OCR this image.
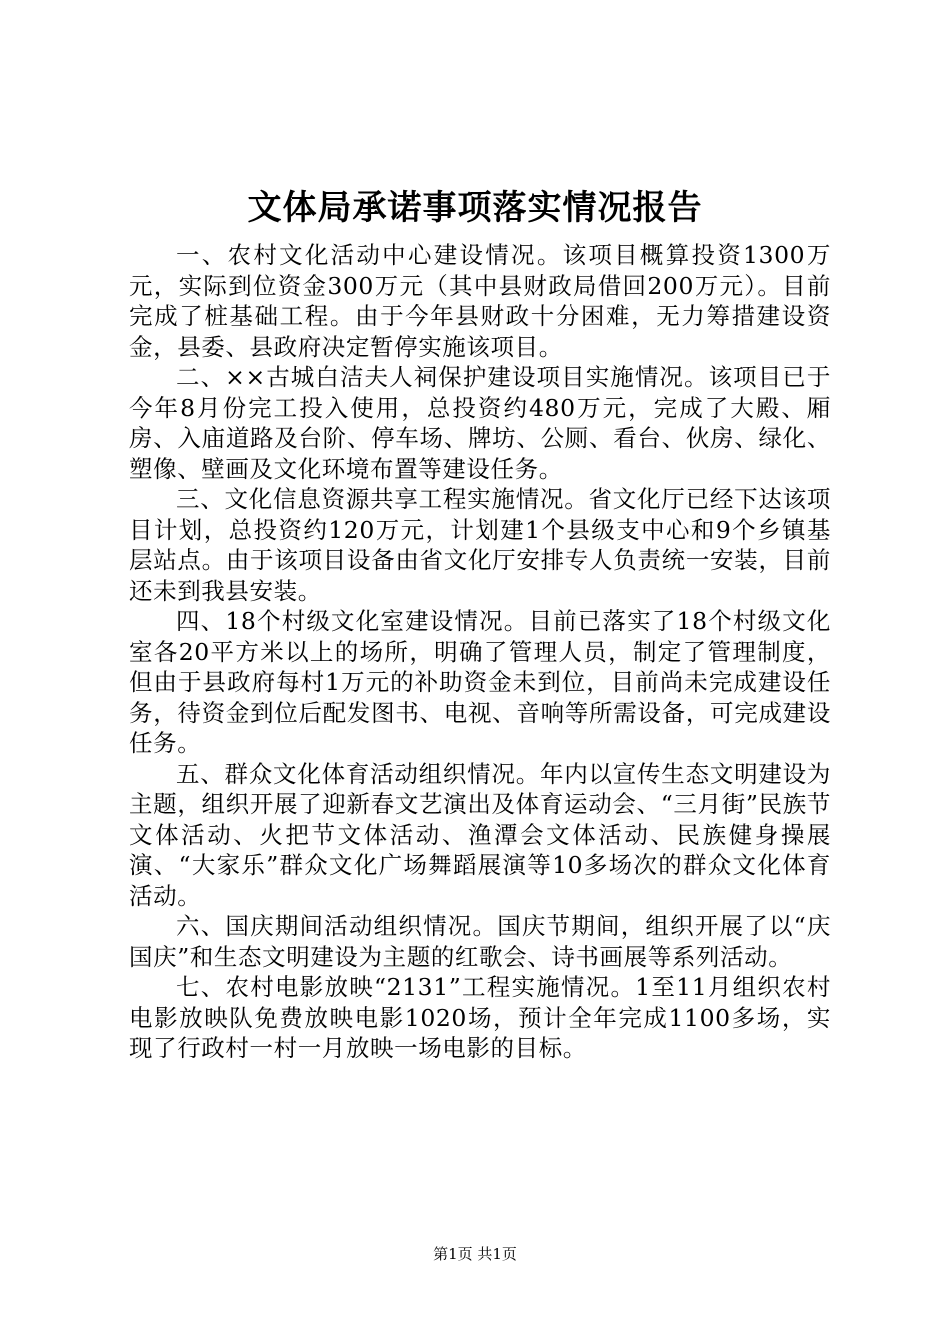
文体局承诺事项落实情况报告

一、农村文化活动中心建设情况。该项目概算投资1300万元，实际到位资金300万元（其中县财政局借回200万元）。目前完成了桩基础工程。由于今年县财政十分困难，无力筹措建设资金，县委、县政府决定暂停实施该项目。

二、××古城白洁夫人祠保护建设项目实施情况。该项目已于今年8月份完工投入使用，总投资约480万元，完成了大殿、厢房、入庙道路及台阶、停车场、牌坊、公厕、看台、伙房、绿化、塑像、壁画及文化环境布置等建设任务。

三、文化信息资源共享工程实施情况。省文化厅已经下达该项目计划，总投资约120万元，计划建1个县级支中心和9个乡镇基层站点。由于该项目设备由省文化厅安排专人负责统一安装，目前还未到我县安装。

四、18个村级文化室建设情况。目前已落实了18个村级文化室各20平方米以上的场所，明确了管理人员，制定了管理制度，但由于县政府每村1万元的补助资金未到位，目前尚未完成建设任务，待资金到位后配发图书、电视、音响等所需设备，可完成建设任务。

五、群众文化体育活动组织情况。年内以宣传生态文明建设为主题，组织开展了迎新春文艺演出及体育运动会、“三月街”民族节文体活动、火把节文体活动、渔潭会文体活动、民族健身操展演、“大家乐”群众文化广场舞蹈展演等10多场次的群众文化体育活动。

六、国庆期间活动组织情况。国庆节期间，组织开展了以“庆国庆”和生态文明建设为主题的红歌会、诗书画展等系列活动。

七、农村电影放映“2131”工程实施情况。1至11月组织农村电影放映队免费放映电影1020场，预计全年完成1100多场，实现了行政村一村一月放映一场电影的目标。

第1页 共1页
